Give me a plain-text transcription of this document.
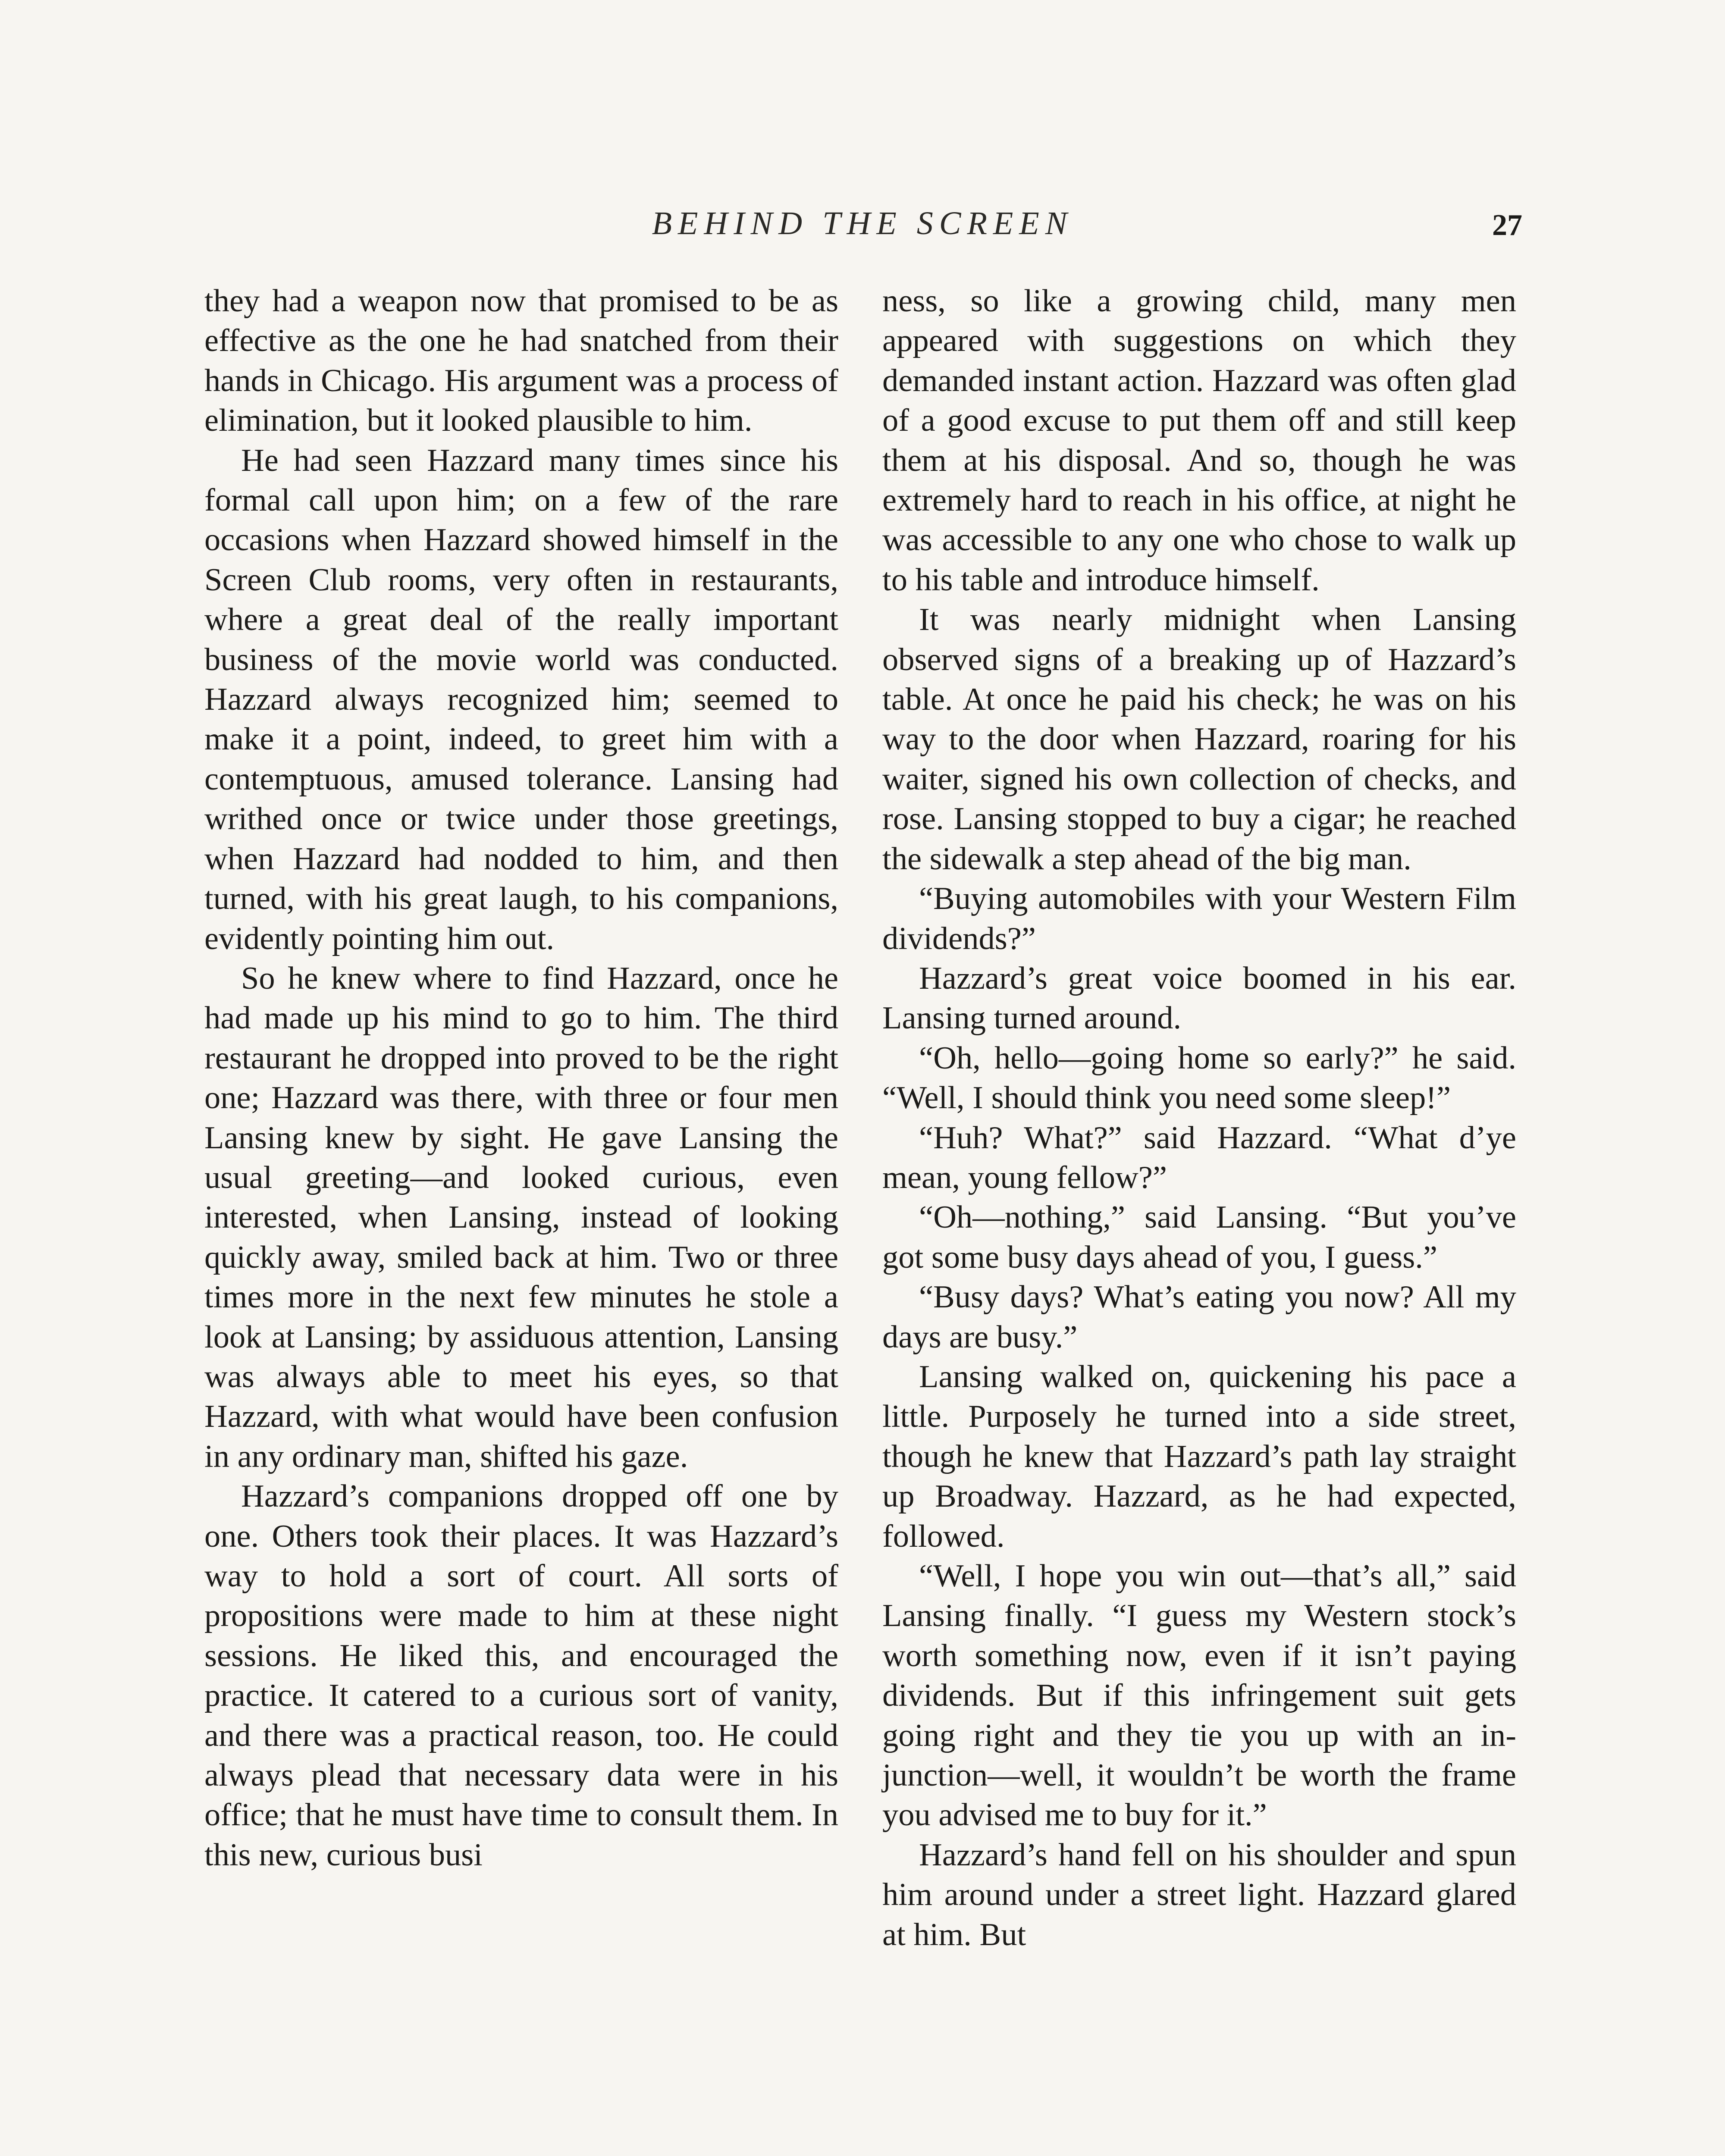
BEHIND THE SCREEN	27

they had a weapon now that promised to be as effective as the one he had snatched from their hands in Chicago. His argument was a process of elimination, but it looked plausible to him.

He had seen Hazzard many times since his formal call upon him; on a few of the rare occasions when Hazzard showed himself in the Screen Club rooms, very often in restaurants, where a great deal of the really important business of the movie world was conducted. Hazzard always recognized him; seemed to make it a point, indeed, to greet him with a contemptuous, amused tolerance. Lansing had writhed once or twice under those greetings, when Hazzard had nodded to him, and then turned, with his great laugh, to his companions, evidently pointing him out.

So he knew where to find Hazzard, once he had made up his mind to go to him. The third restaurant he dropped into proved to be the right one; Hazzard was there, with three or four men Lansing knew by sight. He gave Lansing the usual greeting—and looked curious, even interested, when Lansing, instead of looking quickly away, smiled back at him. Two or three times more in the next few minutes he stole a look at Lansing; by assiduous attention, Lansing was always able to meet his eyes, so that Hazzard, with what would have been confusion in any ordinary man, shifted his gaze.

Hazzard’s companions dropped off one by one. Others took their places. It was Hazzard’s way to hold a sort of court. All sorts of propositions were made to him at these night sessions. He liked this, and encouraged the practice. It catered to a curious sort of vanity, and there was a practical reason, too. He could always plead that necessary data were in his office; that he must have time to consult them. In this new, curious busi

ness, so like a growing child, many men appeared with suggestions on which they demanded instant action. Hazzard was often glad of a good excuse to put them off and still keep them at his disposal. And so, though he was extremely hard to reach in his office, at night he was accessible to any one who chose to walk up to his table and introduce himself.

It was nearly midnight when Lansing observed signs of a breaking up of Hazzard’s table. At once he paid his check; he was on his way to the door when Hazzard, roaring for his waiter, signed his own collection of checks, and rose. Lansing stopped to buy a cigar; he reached the sidewalk a step ahead of the big man.

“Buying automobiles with your Western Film dividends?”

Hazzard’s great voice boomed in his ear. Lansing turned around.

“Oh, hello—going home so early?” he said. “Well, I should think you need some sleep!”

“Huh? What?” said Hazzard. “What d’ye mean, young fellow?”

“Oh—nothing,” said Lansing. “But you’ve got some busy days ahead of you, I guess.”

“Busy days? What’s eating you now? All my days are busy.”

Lansing walked on, quickening his pace a little. Purposely he turned into a side street, though he knew that Hazzard’s path lay straight up Broadway. Hazzard, as he had expected, followed.

“Well, I hope you win out—that’s all,” said Lansing finally. “I guess my Western stock’s worth something now, even if it isn’t paying dividends. But if this infringement suit gets going right and they tie you up with an injunction—well, it wouldn’t be worth the frame you advised me to buy for it.”

Hazzard’s hand fell on his shoulder and spun him around under a street light. Hazzard glared at him. But
